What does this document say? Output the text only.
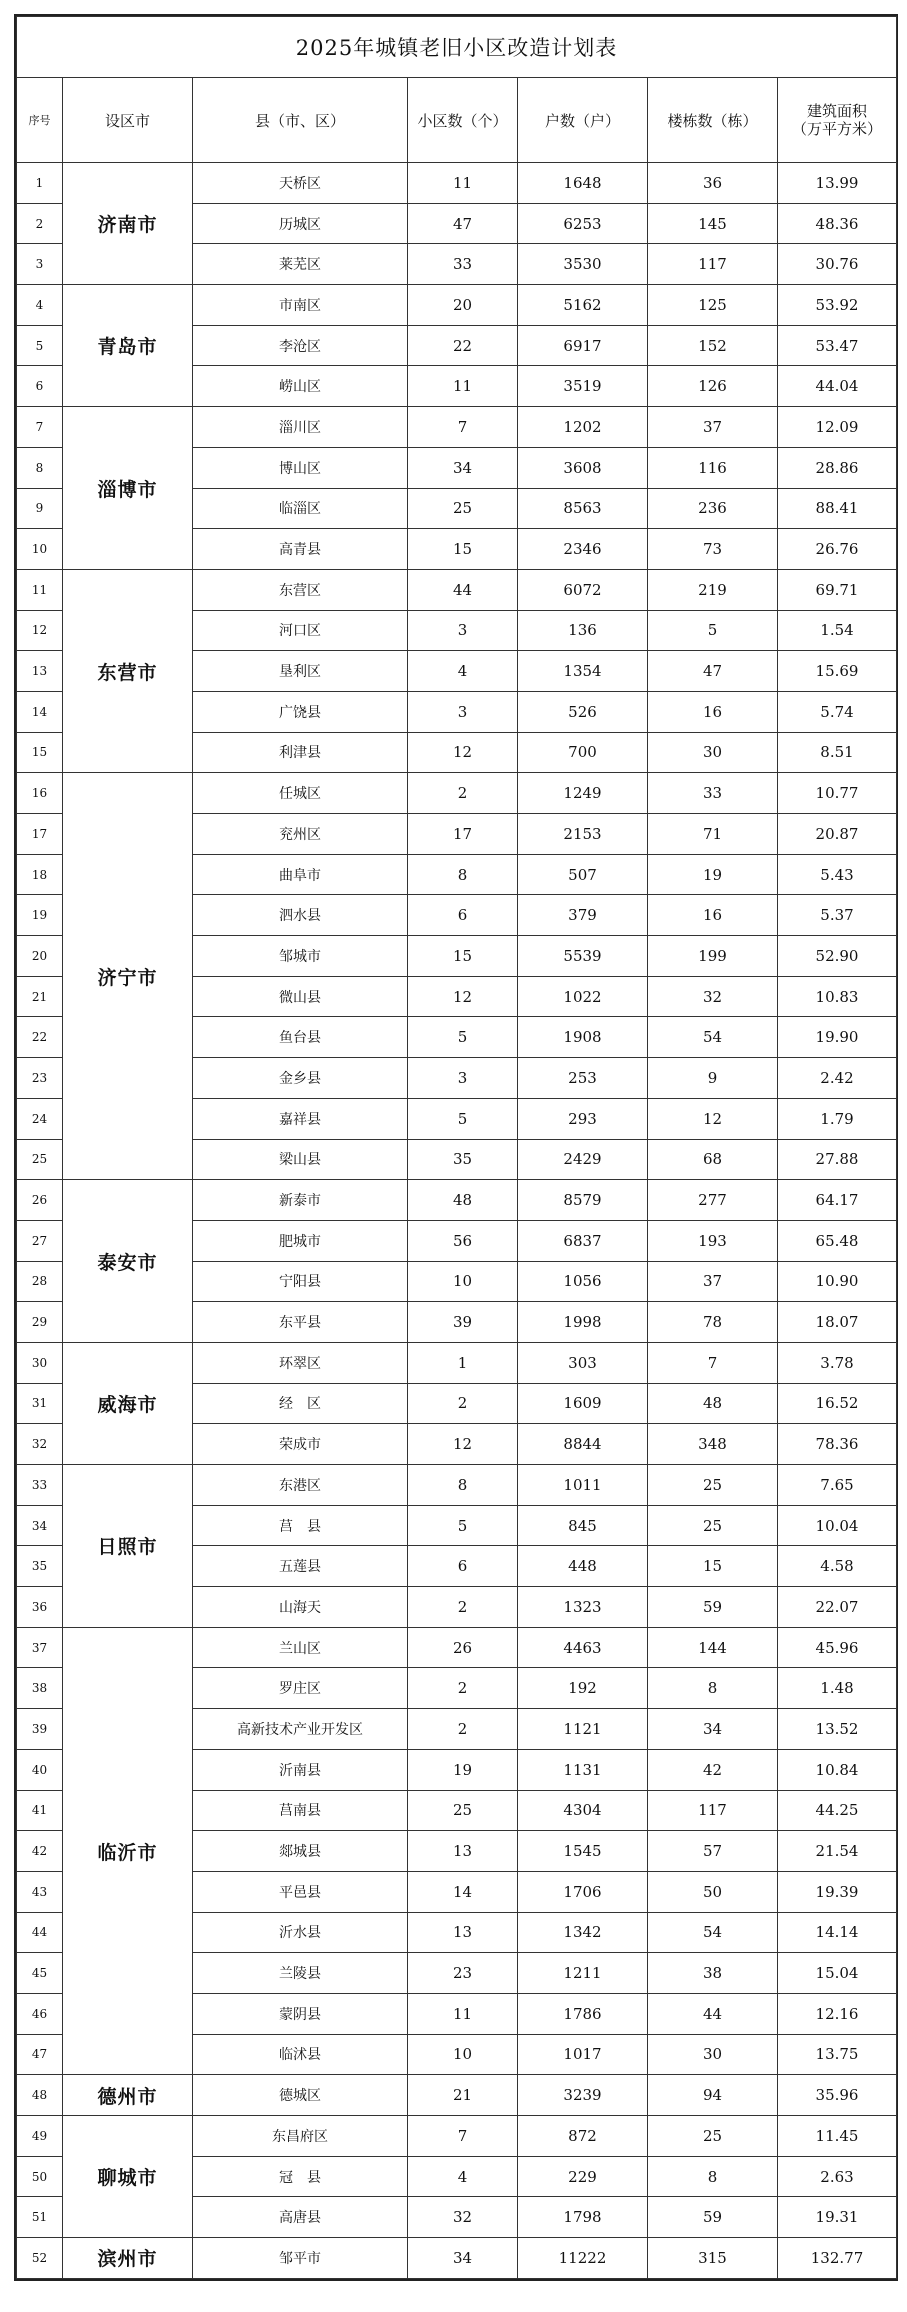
2025年城镇老旧小区改造计划表						
序号	设区市	县（市、区）	小区数（个）	户数（户）	楼栋数（栋）	建筑面积
（万平方米）

1	济南市	天桥区	11	1648	36	13.99
2		历城区	47	6253	145	48.36
3		莱芜区	33	3530	117	30.76
4	青岛市	市南区	20	5162	125	53.92
5		李沧区	22	6917	152	53.47
6		崂山区	11	3519	126	44.04
7	淄博市	淄川区	7	1202	37	12.09
8		博山区	34	3608	116	28.86
9		临淄区	25	8563	236	88.41
10		高青县	15	2346	73	26.76
11	东营市	东营区	44	6072	219	69.71
12		河口区	3	136	5	1.54
13		垦利区	4	1354	47	15.69
14		广饶县	3	526	16	5.74
15		利津县	12	700	30	8.51
16	济宁市	任城区	2	1249	33	10.77
17		兖州区	17	2153	71	20.87
18		曲阜市	8	507	19	5.43
19		泗水县	6	379	16	5.37
20		邹城市	15	5539	199	52.90
21		微山县	12	1022	32	10.83
22		鱼台县	5	1908	54	19.90
23		金乡县	3	253	9	2.42
24		嘉祥县	5	293	12	1.79
25		梁山县	35	2429	68	27.88
26	泰安市	新泰市	48	8579	277	64.17
27		肥城市	56	6837	193	65.48
28		宁阳县	10	1056	37	10.90
29		东平县	39	1998	78	18.07
30	威海市	环翠区	1	303	7	3.78
31		经　区	2	1609	48	16.52
32		荣成市	12	8844	348	78.36
33	日照市	东港区	8	1011	25	7.65
34		莒　县	5	845	25	10.04
35		五莲县	6	448	15	4.58
36		山海天	2	1323	59	22.07
37	临沂市	兰山区	26	4463	144	45.96
38		罗庄区	2	192	8	1.48
39		高新技术产业开发区	2	1121	34	13.52
40		沂南县	19	1131	42	10.84
41		莒南县	25	4304	117	44.25
42		郯城县	13	1545	57	21.54
43		平邑县	14	1706	50	19.39
44		沂水县	13	1342	54	14.14
45		兰陵县	23	1211	38	15.04
46		蒙阴县	11	1786	44	12.16
47		临沭县	10	1017	30	13.75
48	德州市	德城区	21	3239	94	35.96
49	聊城市	东昌府区	7	872	25	11.45
50		冠　县	4	229	8	2.63
51		高唐县	32	1798	59	19.31
52	滨州市	邹平市	34	11222	315	132.77
